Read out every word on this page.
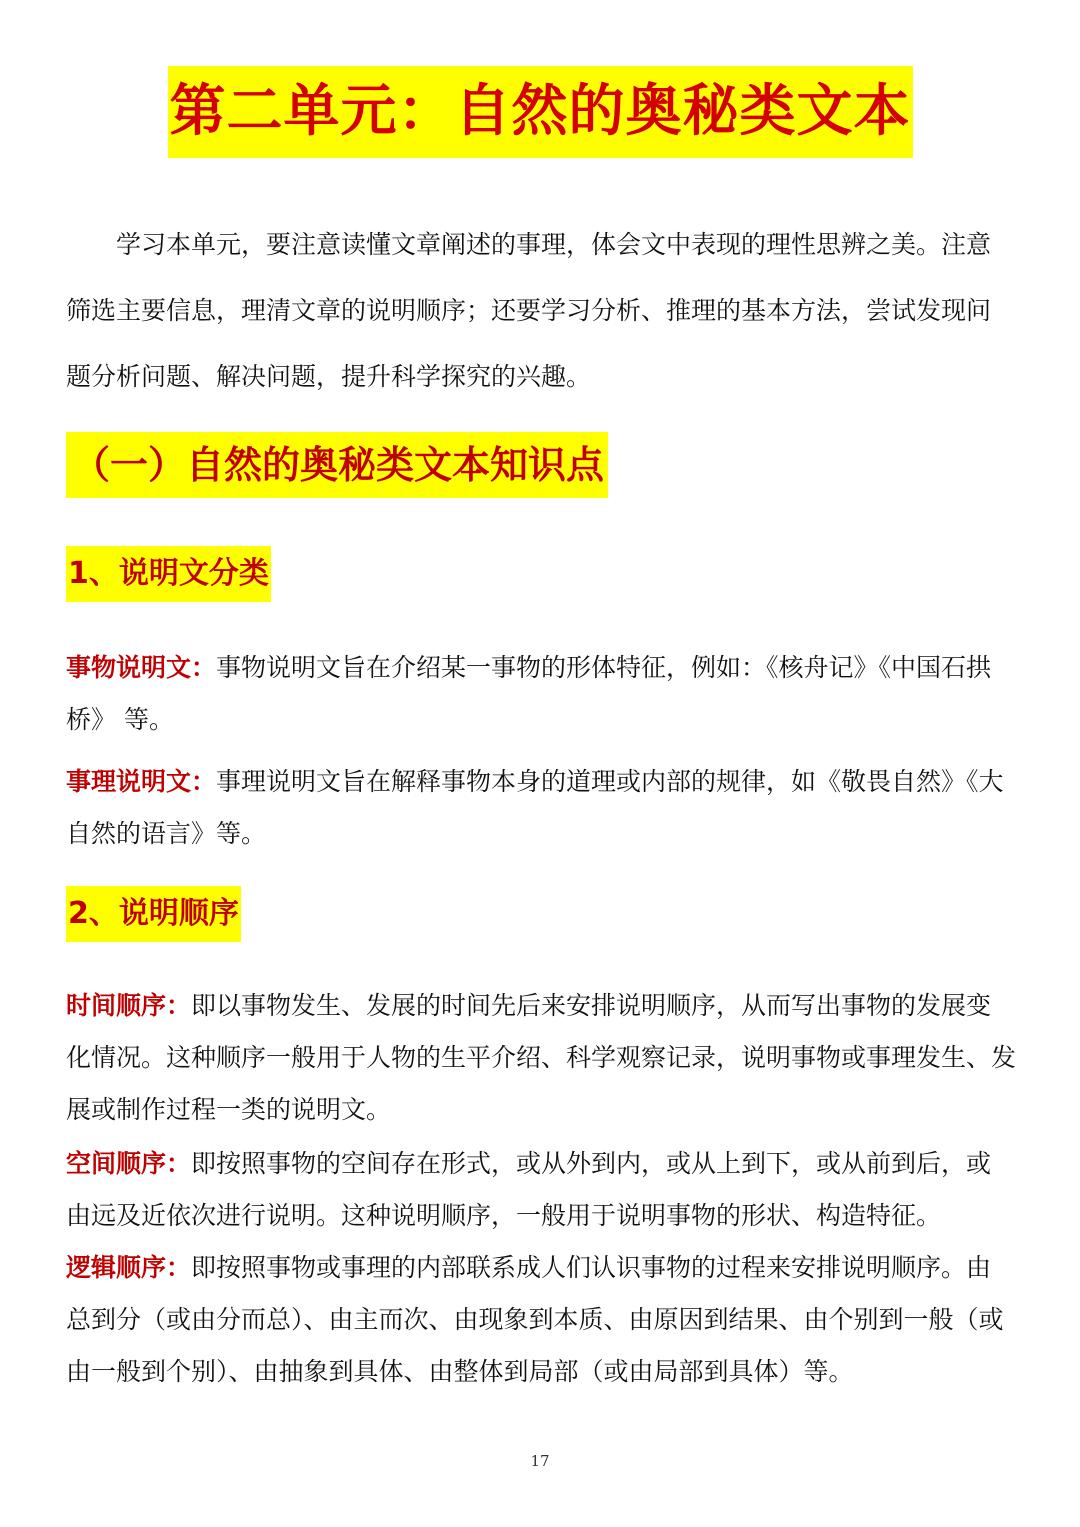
第二单元：自然的奥秘类文本

学习本单元，要注意读懂文章阐述的事理，体会文中表现的理性思辨之美。注意筛选主要信息，理清文章的说明顺序；还要学习分析、推理的基本方法，尝试发现问题分析问题、解决问题，提升科学探究的兴趣。

（一）自然的奥秘类文本知识点
1、说明文分类

事物说明文：事物说明文旨在介绍某一事物的形体特征，例如：《核舟记》《中国石拱桥》 等。

事理说明文：事理说明文旨在解释事物本身的道理或内部的规律，如《敬畏自然》《大自然的语言》等。

2、说明顺序

时间顺序：即以事物发生、发展的时间先后来安排说明顺序，从而写出事物的发展变化情况。这种顺序一般用于人物的生平介绍、科学观察记录，说明事物或事理发生、发展或制作过程一类的说明文。

空间顺序：即按照事物的空间存在形式，或从外到内，或从上到下，或从前到后，或由远及近依次进行说明。这种说明顺序，一般用于说明事物的形状、构造特征。

逻辑顺序：即按照事物或事理的内部联系成人们认识事物的过程来安排说明顺序。由总到分（或由分而总）、由主而次、由现象到本质、由原因到结果、由个别到一般（或由一般到个别）、由抽象到具体、由整体到局部（或由局部到具体）等。

17
